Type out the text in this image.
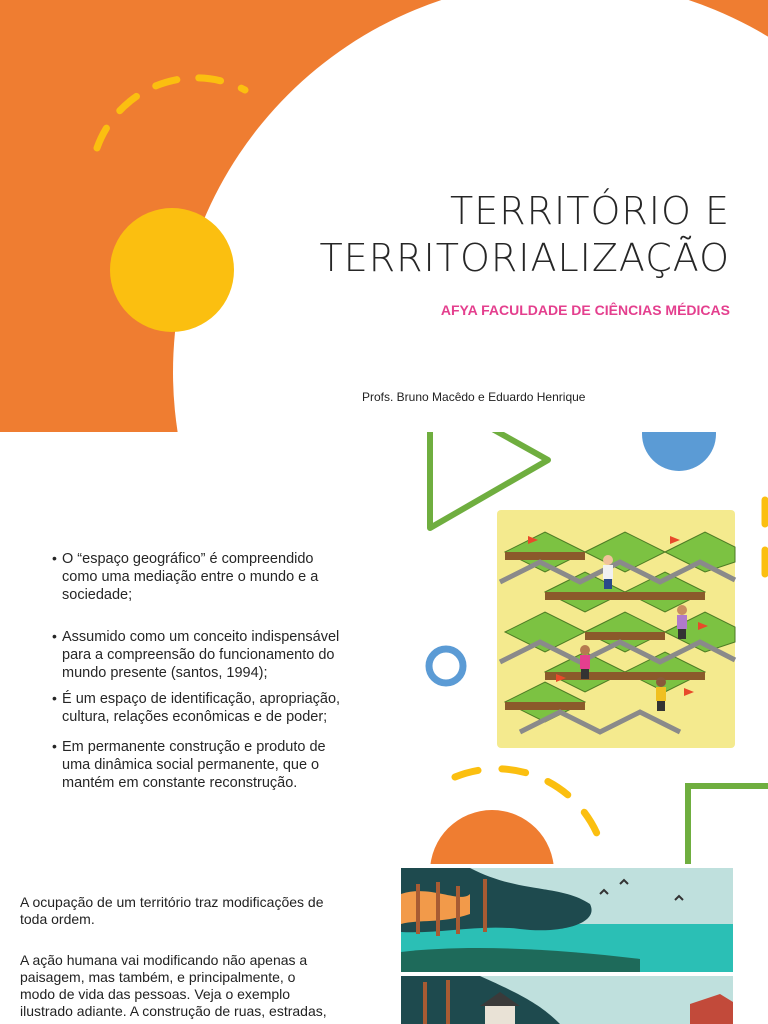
TERRITÓRIO E
TERRITORIALIZAÇÃO
AFYA FACULDADE DE CIÊNCIAS MÉDICAS
Profs. Bruno Macêdo e Eduardo Henrique
• O “espaço geográfico” é compreendido
como uma mediação entre o mundo e a
sociedade;
• Assumido como um conceito indispensável
para a compreensão do funcionamento do
mundo presente (santos, 1994);
• É um espaço de identificação, apropriação,
cultura, relações econômicas e de poder;
• Em permanente construção e produto de
uma dinâmica social permanente, que o
mantém em constante reconstrução.
A ocupação de um território traz modificações de
toda ordem.
A ação humana vai modificando não apenas a
paisagem, mas também, e principalmente, o
modo de vida das pessoas. Veja o exemplo
ilustrado adiante. A construção de ruas, estradas,
